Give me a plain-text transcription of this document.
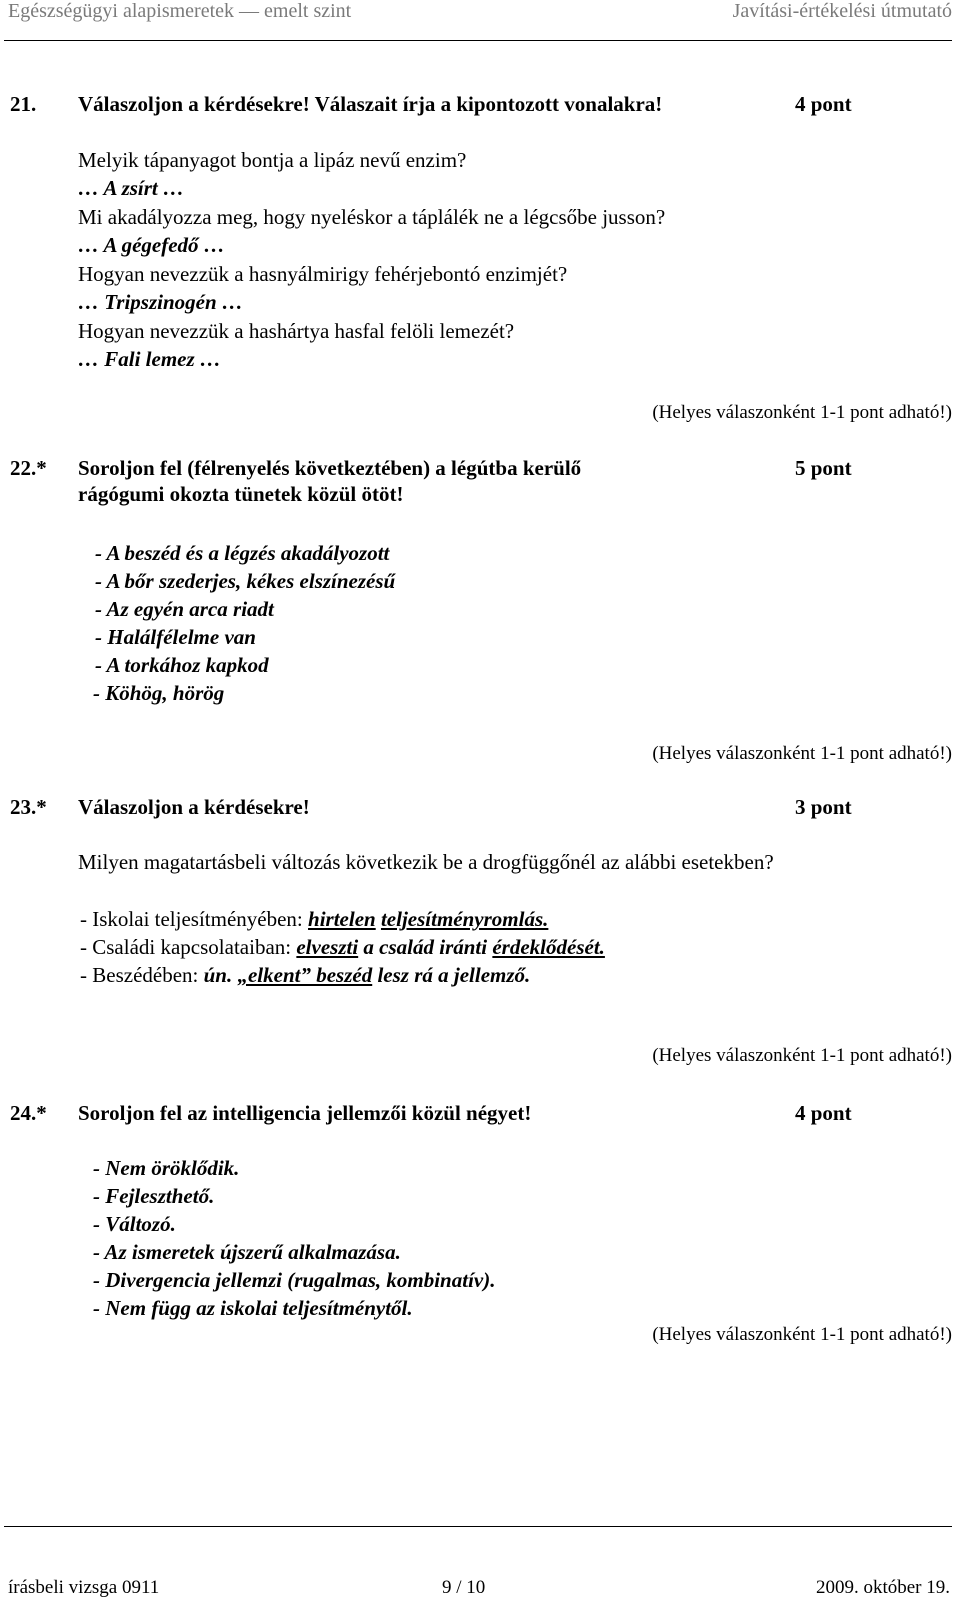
Egészségügyi alapismeretek — emelt szint	Javítási-értékelési útmutató
21. Válaszoljon a kérdésekre! Válaszait írja a kipontozott vonalakra!	4 pont
Melyik tápanyagot bontja a lipáz nevű enzim?
… A zsírt …
Mi akadályozza meg, hogy nyeléskor a táplálék ne a légcsőbe jusson?
… A gégefedő …
Hogyan nevezzük a hasnyálmirigy fehérjebontó enzimjét?
… Tripszinogén …
Hogyan nevezzük a hashártya hasfal felöli lemezét?
… Fali lemez …
(Helyes válaszonként 1-1 pont adható!)
22.* Soroljon fel (félrenyelés következtében) a légútba kerülő	5 pont
rágógumi okozta tünetek közül ötöt!
- A beszéd és a légzés akadályozott
- A bőr szederjes, kékes elszínezésű
- Az egyén arca riadt
- Halálfélelme van
- A torkához kapkod
- Köhög, hörög
(Helyes válaszonként 1-1 pont adható!)
23.* Válaszoljon a kérdésekre!	3 pont
Milyen magatartásbeli változás következik be a drogfüggőnél az alábbi esetekben?
- Iskolai teljesítményében: hirtelen teljesítményromlás.
- Családi kapcsolataiban: elveszti a család iránti érdeklődését.
- Beszédében: ún. „elkent” beszéd lesz rá a jellemző.
(Helyes válaszonként 1-1 pont adható!)
24.* Soroljon fel az intelligencia jellemzői közül négyet!	4 pont
- Nem öröklődik.
- Fejleszthető.
- Változó.
- Az ismeretek újszerű alkalmazása.
- Divergencia jellemzi (rugalmas, kombinatív).
- Nem függ az iskolai teljesítménytől.
(Helyes válaszonként 1-1 pont adható!)
írásbeli vizsga 0911	9 / 10	2009. október 19.
